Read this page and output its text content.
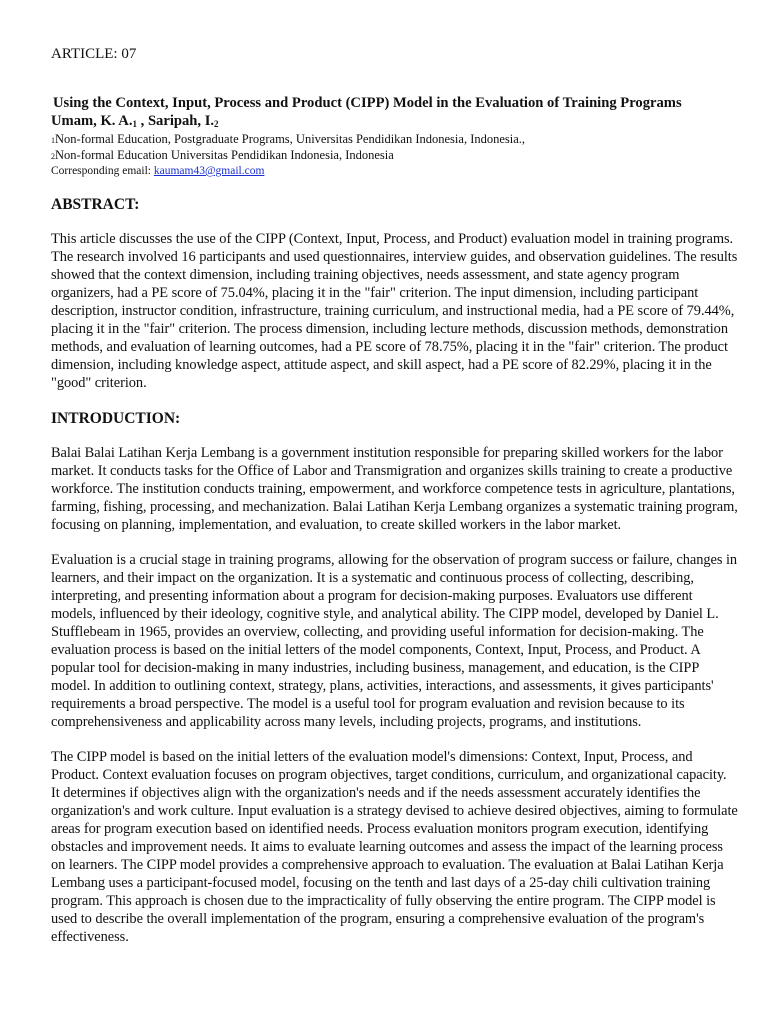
ARTICLE: 07
Using the Context, Input, Process and Product (CIPP) Model in the Evaluation of Training Programs
Umam, K. $A._1$ , Saripah, $I._2$
1Non-formal Education, Postgraduate Programs, Universitas Pendidikan Indonesia, Indonesia.,
2Non-formal Education Universitas Pendidikan Indonesia, Indonesia
Corresponding email: kaumam43@gmail.com
ABSTRACT:

This article discusses the use of the CIPP (Context, Input, Process, and Product) evaluation model in training programs. The research involved 16 participants and used questionnaires, interview guides, and observation guidelines. The results showed that the context dimension, including training objectives, needs assessment, and state agency program organizers, had a PE score of 75.04%, placing it in the "fair" criterion. The input dimension, including participant description, instructor condition, infrastructure, training curriculum, and instructional media, had a PE score of 79.44%, placing it in the "fair" criterion. The process dimension, including lecture methods, discussion methods, demonstration methods, and evaluation of learning outcomes, had a PE score of 78.75%, placing it in the "fair" criterion. The product dimension, including knowledge aspect, attitude aspect, and skill aspect, had a PE score of 82.29%, placing it in the "good" criterion.

INTRODUCTION:

Balai Balai Latihan Kerja Lembang is a government institution responsible for preparing skilled workers for the labor market. It conducts tasks for the Office of Labor and Transmigration and organizes skills training to create a productive workforce. The institution conducts training, empowerment, and workforce competence tests in agriculture, plantations, farming, fishing, processing, and mechanization. Balai Latihan Kerja Lembang organizes a systematic training program, focusing on planning, implementation, and evaluation, to create skilled workers in the labor market.

Evaluation is a crucial stage in training programs, allowing for the observation of program success or failure, changes in learners, and their impact on the organization. It is a systematic and continuous process of collecting, describing, interpreting, and presenting information about a program for decision-making purposes. Evaluators use different models, influenced by their ideology, cognitive style, and analytical ability. The CIPP model, developed by Daniel L. Stufflebeam in 1965, provides an overview, collecting, and providing useful information for decision-making. The evaluation process is based on the initial letters of the model components, Context, Input, Process, and Product. A popular tool for decision-making in many industries, including business, management, and education, is the CIPP model. In addition to outlining context, strategy, plans, activities, interactions, and assessments, it gives participants' requirements a broad perspective. The model is a useful tool for program evaluation and revision because to its comprehensiveness and applicability across many levels, including projects, programs, and institutions.

The CIPP model is based on the initial letters of the evaluation model's dimensions: Context, Input, Process, and Product. Context evaluation focuses on program objectives, target conditions, curriculum, and organizational capacity. It determines if objectives align with the organization's needs and if the needs assessment accurately identifies the organization's and work culture. Input evaluation is a strategy devised to achieve desired objectives, aiming to formulate areas for program execution based on identified needs. Process evaluation monitors program execution, identifying obstacles and improvement needs. It aims to evaluate learning outcomes and assess the impact of the learning process on learners. The CIPP model provides a comprehensive approach to evaluation. The evaluation at Balai Latihan Kerja Lembang uses a participant-focused model, focusing on the tenth and last days of a 25-day chili cultivation training program. This approach is chosen due to the impracticality of fully observing the entire program. The CIPP model is used to describe the overall implementation of the program, ensuring a comprehensive evaluation of the program's effectiveness.
